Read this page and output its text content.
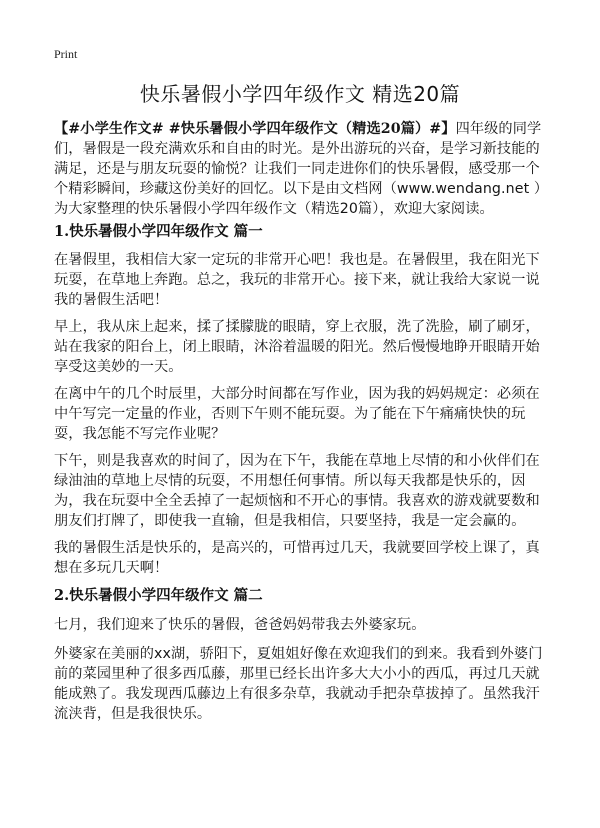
Print
快乐暑假小学四年级作文 精选20篇

【#小学生作文# #快乐暑假小学四年级作文（精选20篇）#】四年级的同学们，暑假是一段充满欢乐和自由的时光。是外出游玩的兴奋，是学习新技能的满足，还是与朋友玩耍的愉悦？让我们一同走进你们的快乐暑假，感受那一个个精彩瞬间，珍藏这份美好的回忆。以下是由文档网（www.wendang.net ）为大家整理的快乐暑假小学四年级作文（精选20篇），欢迎大家阅读。

1.快乐暑假小学四年级作文 篇一

在暑假里，我相信大家一定玩的非常开心吧！我也是。在暑假里，我在阳光下玩耍，在草地上奔跑。总之，我玩的非常开心。接下来，就让我给大家说一说我的暑假生活吧！

早上，我从床上起来，揉了揉朦胧的眼睛，穿上衣服，洗了洗脸，刷了刷牙，站在我家的阳台上，闭上眼睛，沐浴着温暖的阳光。然后慢慢地睁开眼睛开始享受这美妙的一天。

在离中午的几个时辰里，大部分时间都在写作业，因为我的妈妈规定：必须在中午写完一定量的作业，否则下午则不能玩耍。为了能在下午痛痛快快的玩耍，我怎能不写完作业呢？

下午，则是我喜欢的时间了，因为在下午，我能在草地上尽情的和小伙伴们在绿油油的草地上尽情的玩耍，不用想任何事情。所以每天我都是快乐的，因为，我在玩耍中全全丢掉了一起烦恼和不开心的事情。我喜欢的游戏就要数和朋友们打牌了，即使我一直输，但是我相信，只要坚持，我是一定会赢的。

我的暑假生活是快乐的，是高兴的，可惜再过几天，我就要回学校上课了，真想在多玩几天啊！

2.快乐暑假小学四年级作文 篇二

七月，我们迎来了快乐的暑假，爸爸妈妈带我去外婆家玩。

外婆家在美丽的xx湖，骄阳下，夏姐姐好像在欢迎我们的到来。我看到外婆门前的菜园里种了很多西瓜藤，那里已经长出许多大大小小的西瓜，再过几天就能成熟了。我发现西瓜藤边上有很多杂草，我就动手把杂草拔掉了。虽然我汗流浃背，但是我很快乐。
